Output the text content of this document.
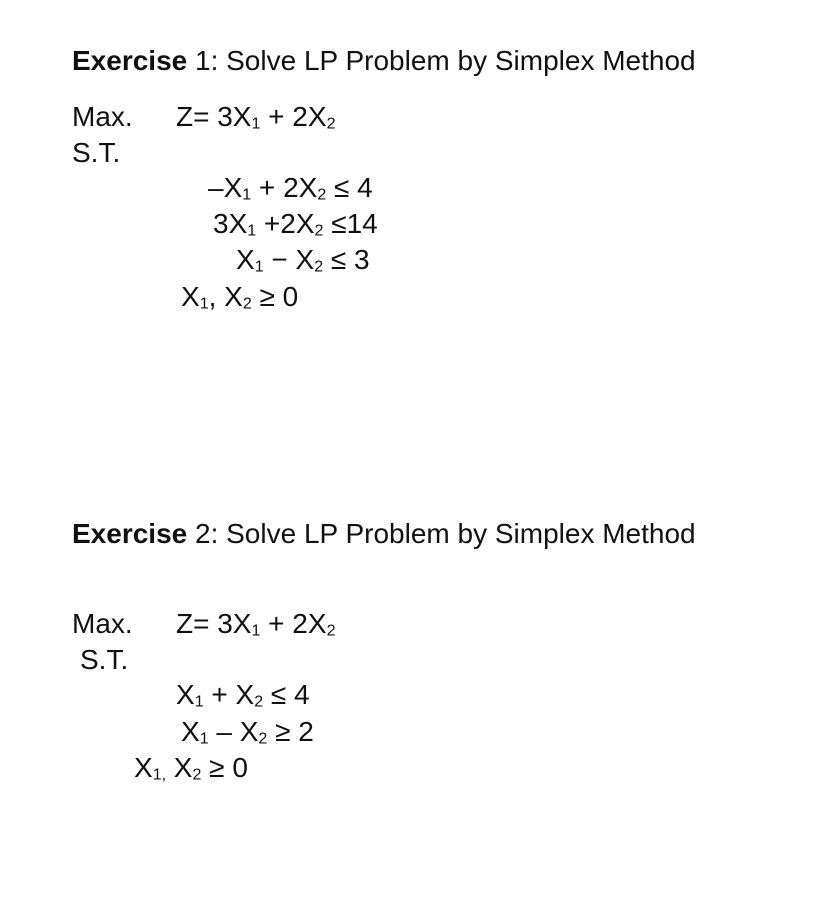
Exercise 1: Solve LP Problem by Simplex Method
Max. Z= 3X1 + 2X2
S.T.
–X1 + 2X2 ≤ 4
3X1 +2X2 ≤14
X1 − X2 ≤ 3
X1, X2 ≥ 0
Exercise 2: Solve LP Problem by Simplex Method
Max. Z= 3X1 + 2X2
S.T.
X1 + X2 ≤ 4
X1 – X2 ≥ 2
X1, X2 ≥ 0
